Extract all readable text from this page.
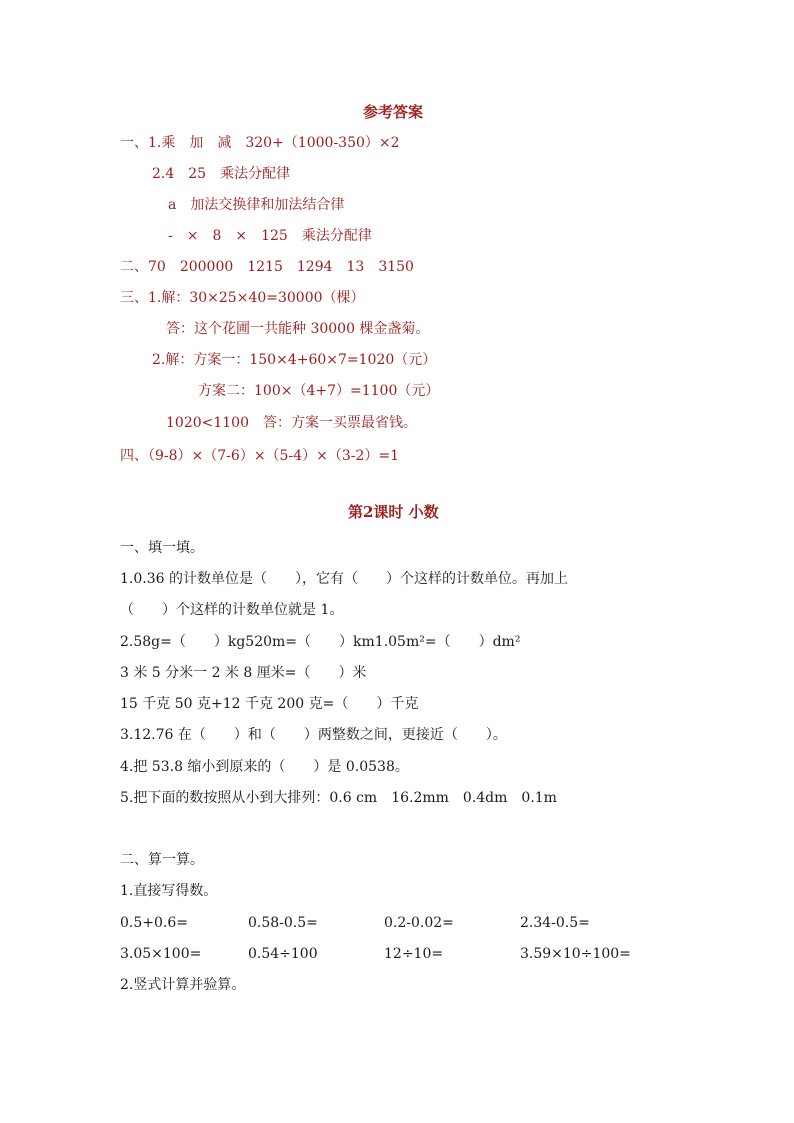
参考答案
一、1.乘　加　减　320+（1000-350）×2
2.4　25　乘法分配律
a　加法交换律和加法结合律
-　×　8　×　125　乘法分配律
二、70　200000　1215　1294　13　3150
三、1.解：30×25×40=30000（棵）
答：这个花圃一共能种 30000 棵金盏菊。
2.解：方案一：150×4+60×7=1020（元）
方案二：100×（4+7）=1100（元）
1020<1100　答：方案一买票最省钱。
四、（9-8）×（7-6）×（5-4）×（3-2）=1
第2课时 小数
一、填一填。
1.0.36 的计数单位是（　　），它有（　　）个这样的计数单位。再加上
（　　）个这样的计数单位就是 1。
2.58g=（　　）kg520m=（　　）km1.05m²=（　　）dm²
3 米 5 分米一 2 米 8 厘米=（　　）米
15 千克 50 克+12 千克 200 克=（　　）千克
3.12.76 在（　　）和（　　）两整数之间，更接近（　　）。
4.把 53.8 缩小到原来的（　　）是 0.0538。
5.把下面的数按照从小到大排列：0.6 cm　16.2mm　0.4dm　0.1m
二、算一算。
1.直接写得数。
0.5+0.6=	0.58-0.5=	0.2-0.02=	2.34-0.5=
3.05×100=	0.54÷100	12÷10=	3.59×10÷100=
2.竖式计算并验算。
